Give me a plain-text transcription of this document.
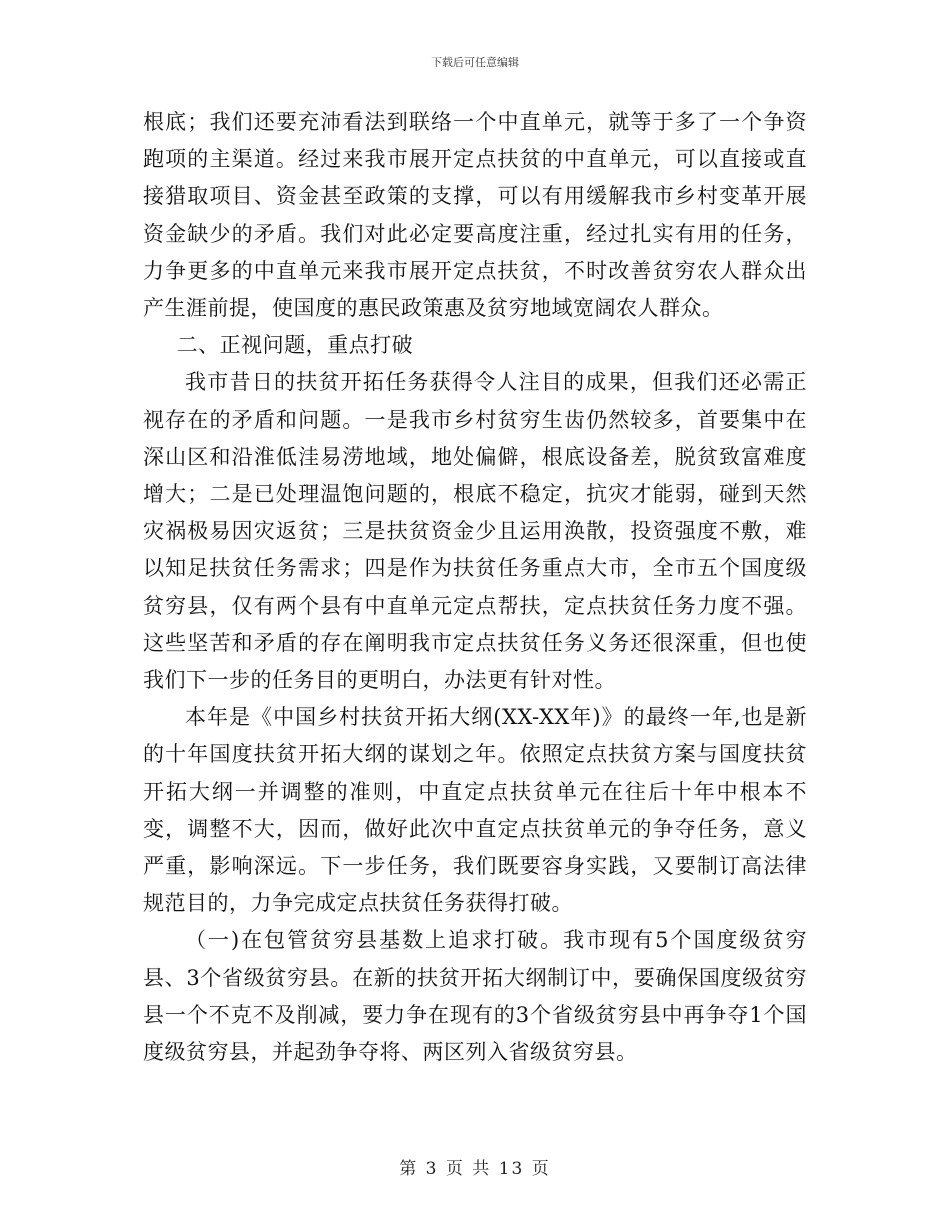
下载后可任意编辑

根底；我们还要充沛看法到联络一个中直单元，就等于多了一个争资跑项的主渠道。经过来我市展开定点扶贫的中直单元，可以直接或直接猎取项目、资金甚至政策的支撑，可以有用缓解我市乡村变革开展资金缺少的矛盾。我们对此必定要高度注重，经过扎实有用的任务，力争更多的中直单元来我市展开定点扶贫，不时改善贫穷农人群众出产生涯前提，使国度的惠民政策惠及贫穷地域宽阔农人群众。

二、正视问题，重点打破

我市昔日的扶贫开拓任务获得令人注目的成果，但我们还必需正视存在的矛盾和问题。一是我市乡村贫穷生齿仍然较多，首要集中在深山区和沿淮低洼易涝地域，地处偏僻，根底设备差，脱贫致富难度增大；二是已处理温饱问题的，根底不稳定，抗灾才能弱，碰到天然灾祸极易因灾返贫；三是扶贫资金少且运用涣散，投资强度不敷，难以知足扶贫任务需求；四是作为扶贫任务重点大市，全市五个国度级贫穷县，仅有两个县有中直单元定点帮扶，定点扶贫任务力度不强。这些坚苦和矛盾的存在阐明我市定点扶贫任务义务还很深重，但也使我们下一步的任务目的更明白，办法更有针对性。

本年是《中国乡村扶贫开拓大纲(XX-XX年)》的最终一年,也是新的十年国度扶贫开拓大纲的谋划之年。依照定点扶贫方案与国度扶贫开拓大纲一并调整的准则，中直定点扶贫单元在往后十年中根本不变，调整不大，因而，做好此次中直定点扶贫单元的争夺任务，意义严重，影响深远。下一步任务，我们既要容身实践，又要制订高法律规范目的，力争完成定点扶贫任务获得打破。

（一)在包管贫穷县基数上追求打破。我市现有5个国度级贫穷县、3个省级贫穷县。在新的扶贫开拓大纲制订中，要确保国度级贫穷县一个不克不及削减，要力争在现有的3个省级贫穷县中再争夺1个国度级贫穷县，并起劲争夺将、两区列入省级贫穷县。

第 3 页 共 13 页
